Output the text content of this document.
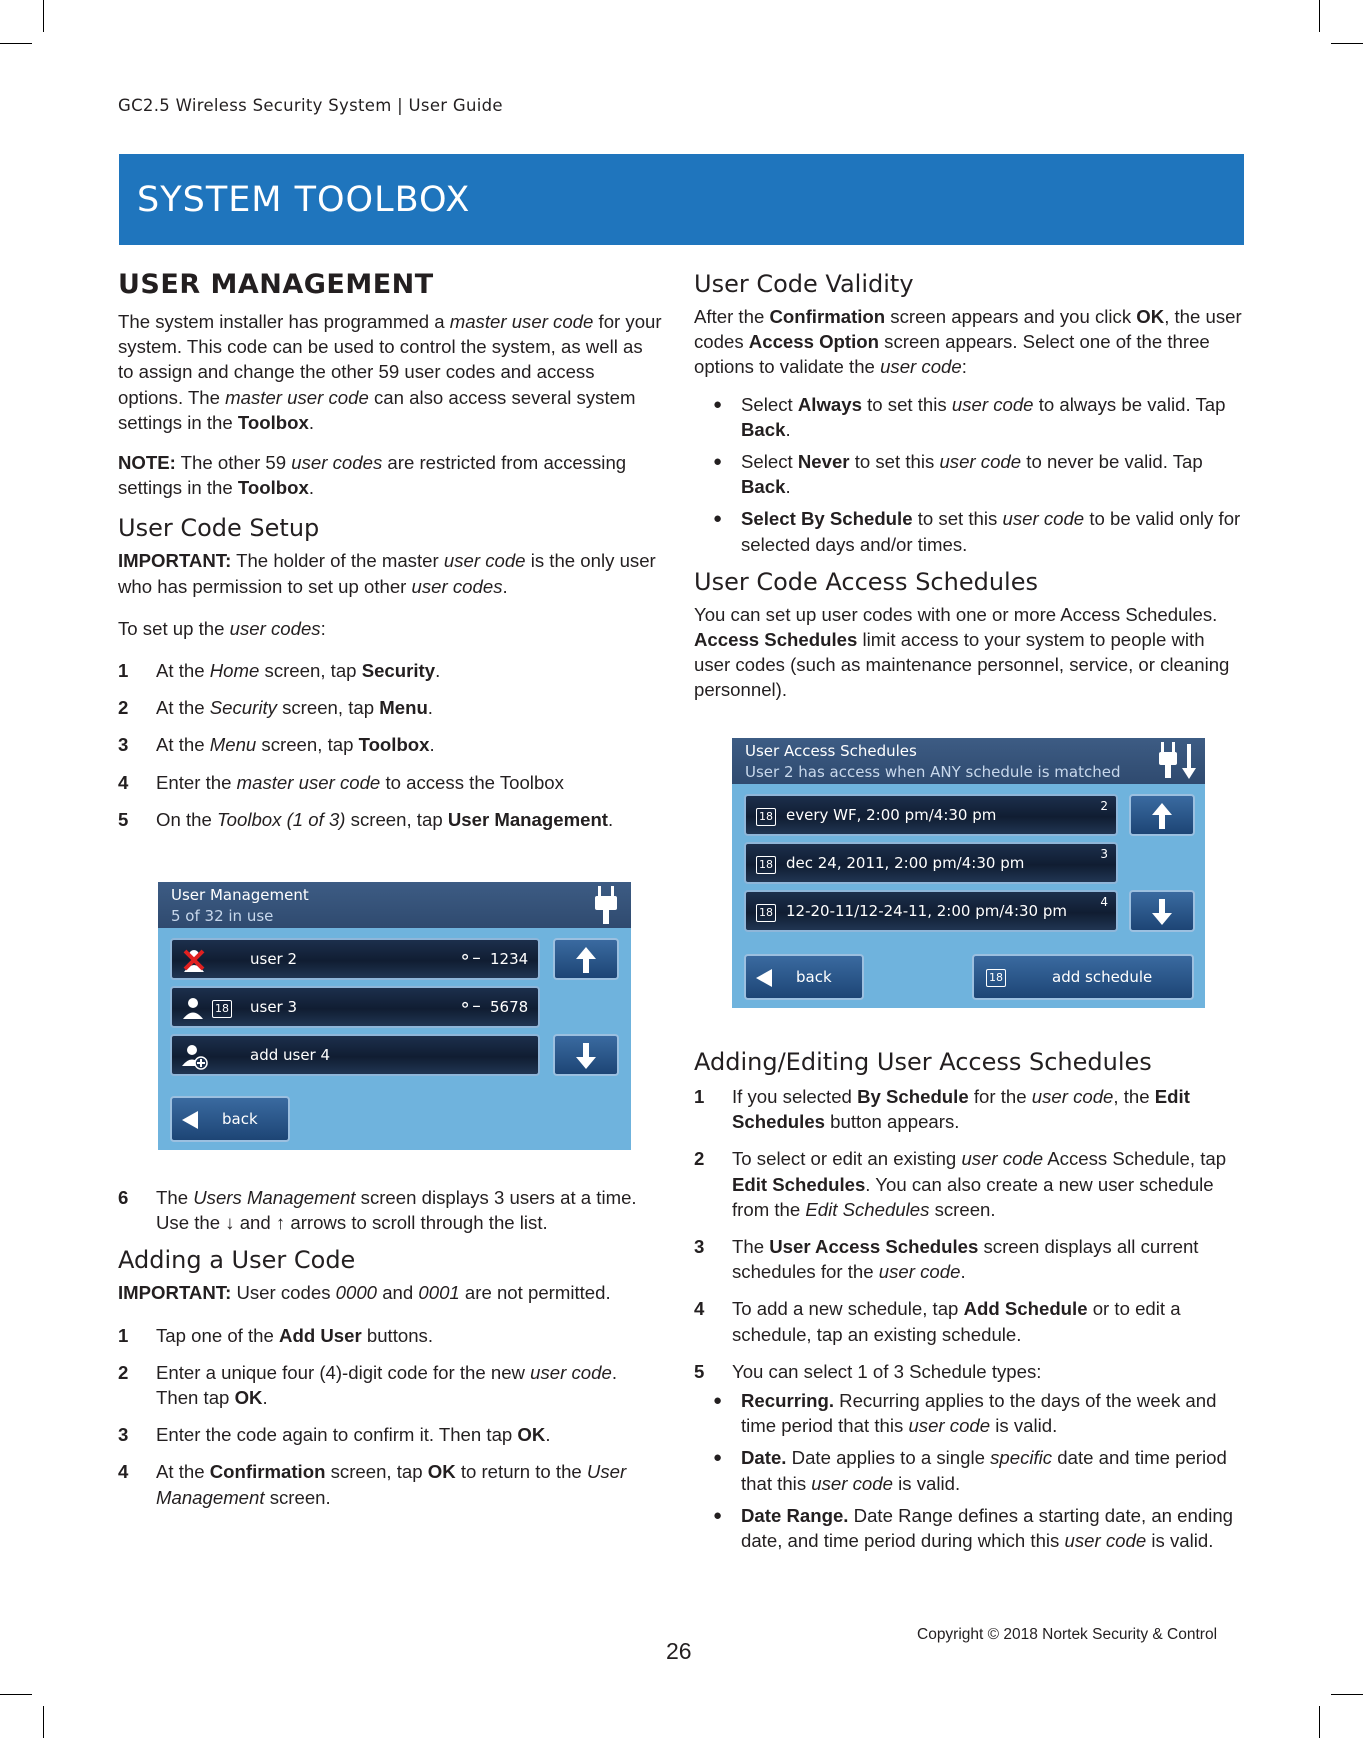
GC2.5 Wireless Security System | User Guide
SYSTEM TOOLBOX
USER MANAGEMENT

The system installer has programmed a master user code for your system. This code can be used to control the system, as well as to assign and change the other 59 user codes and access options. The master user code can also access several system settings in the Toolbox.

NOTE: The other 59 user codes are restricted from accessing settings in the Toolbox.

User Code Setup

IMPORTANT: The holder of the master user code is the only user who has permission to set up other user codes.

To set up the user codes:

1 At the Home screen, tap Security.
2 At the Security screen, tap Menu.
3 At the Menu screen, tap Toolbox.
4 Enter the master user code to access the Toolbox
5 On the Toolbox (1 of 3) screen, tap User Management.
User Management
5 of 32 in use
user 2	⚬– 1234
18 user 3	⚬– 5678
add user 4
back
6 The Users Management screen displays 3 users at a time. Use the ↓ and ↑ arrows to scroll through the list.
Adding a User Code

IMPORTANT: User codes 0000 and 0001 are not permitted.

1 Tap one of the Add User buttons.
2 Enter a unique four (4)-digit code for the new user code. Then tap OK.
3 Enter the code again to confirm it. Then tap OK.
4 At the Confirmation screen, tap OK to return to the User Management screen.
User Code Validity

After the Confirmation screen appears and you click OK, the user codes Access Option screen appears. Select one of the three options to validate the user code:

● Select Always to set this user code to always be valid. Tap Back.
● Select Never to set this user code to never be valid. Tap Back.
● Select By Schedule to set this user code to be valid only for selected days and/or times.
User Code Access Schedules

You can set up user codes with one or more Access Schedules. Access Schedules limit access to your system to people with user codes (such as maintenance personnel, service, or cleaning personnel).

User Access Schedules
User 2 has access when ANY schedule is matched
18 every WF, 2:00 pm/4:30 pm	2
18 dec 24, 2011, 2:00 pm/4:30 pm	3
18 12-20-11/12-24-11, 2:00 pm/4:30 pm	4
back	18	add schedule
Adding/Editing User Access Schedules
1 If you selected By Schedule for the user code, the Edit Schedules button appears.
2 To select or edit an existing user code Access Schedule, tap Edit Schedules. You can also create a new user schedule from the Edit Schedules screen.
3 The User Access Schedules screen displays all current schedules for the user code.
4 To add a new schedule, tap Add Schedule or to edit a schedule, tap an existing schedule.
5 You can select 1 of 3 Schedule types:
● Recurring. Recurring applies to the days of the week and time period that this user code is valid.
● Date. Date applies to a single specific date and time period that this user code is valid.
● Date Range. Date Range defines a starting date, an ending date, and time period during which this user code is valid.
Copyright © 2018 Nortek Security & Control
26
